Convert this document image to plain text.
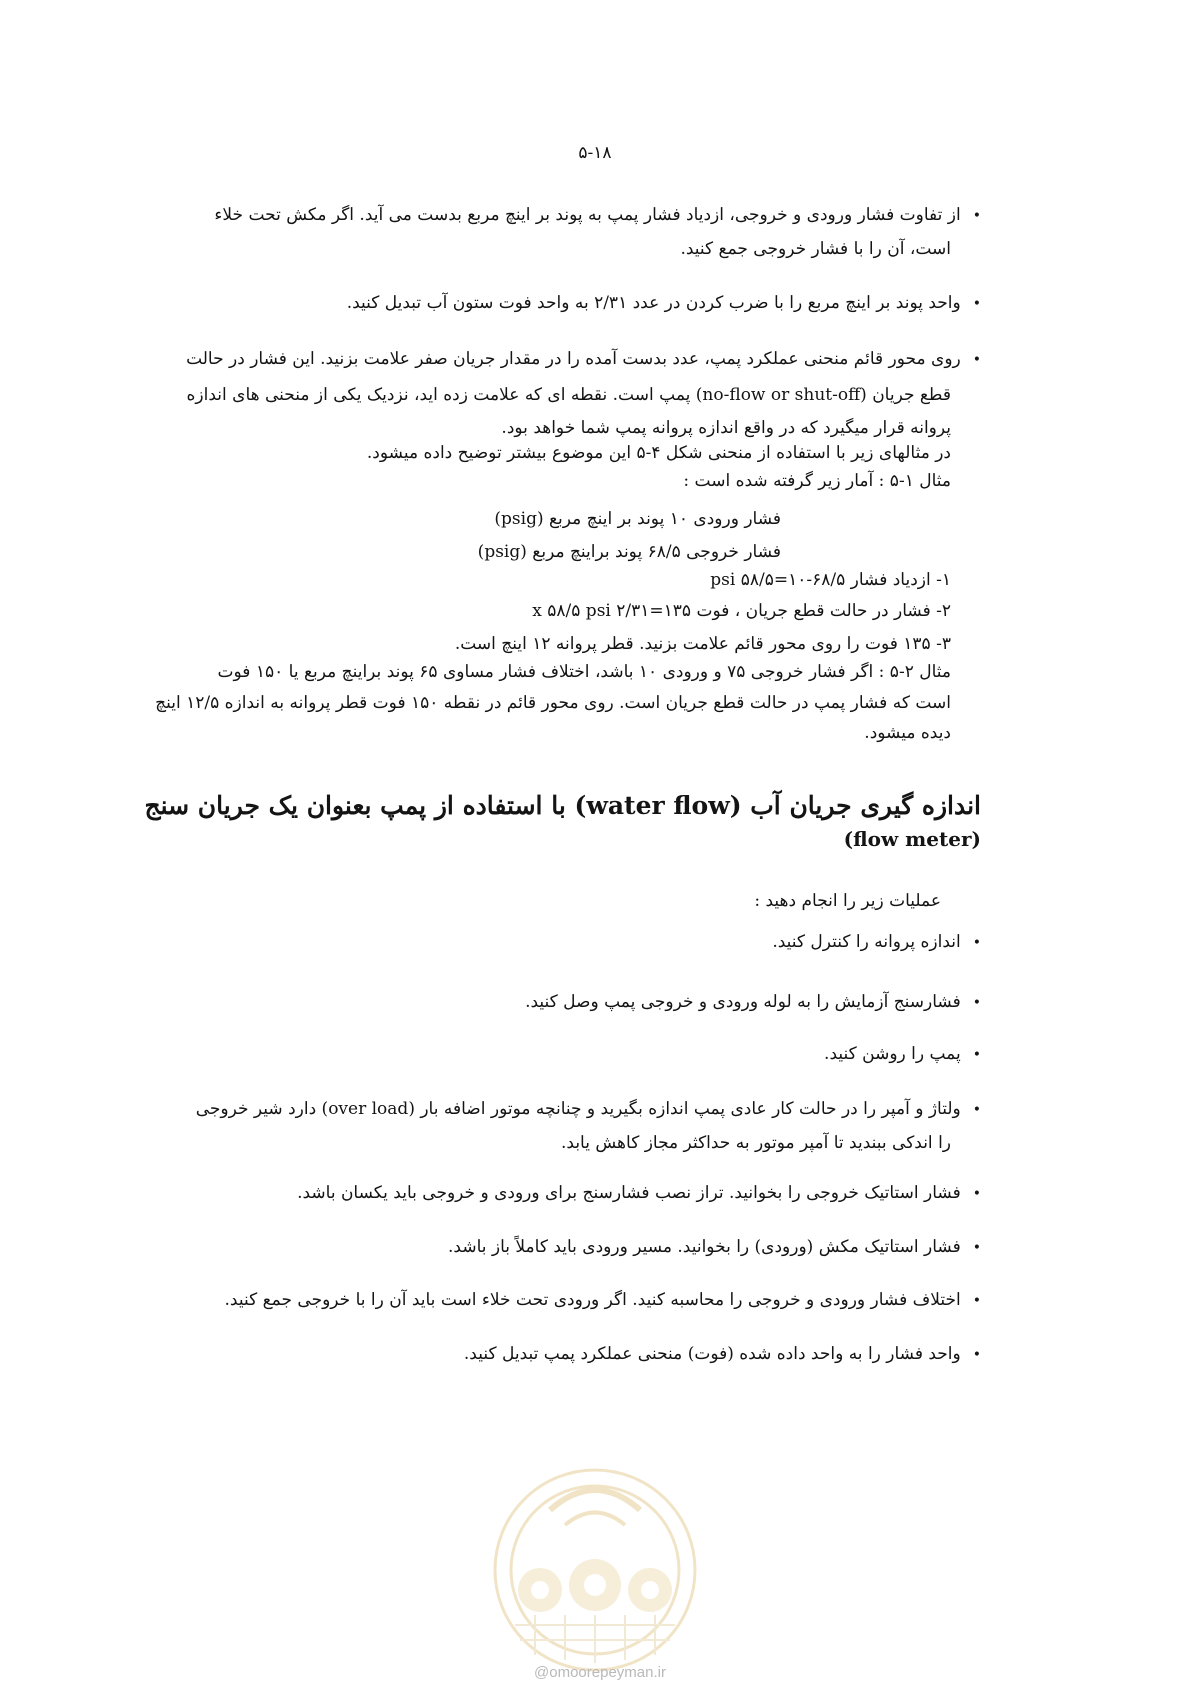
۵-۱۸
• از تفاوت فشار ورودی و خروجی، ازدیاد فشار پمپ به پوند بر اینچ مربع بدست می آید. اگر مکش تحت خلاء
است، آن را با فشار خروجی جمع کنید.
• واحد پوند بر اینچ مربع را با ضرب کردن در عدد ۲/۳۱ به واحد فوت ستون آب تبدیل کنید.
• روی محور قائم منحنی عملکرد پمپ، عدد بدست آمده را در مقدار جریان صفر علامت بزنید. این فشار در حالت
قطع جریان (no-flow or shut-off) پمپ است. نقطه ای که علامت زده اید، نزدیک یکی از منحنی های اندازه
پروانه قرار میگیرد که در واقع اندازه پروانه پمپ شما خواهد بود.
در مثالهای زیر با استفاده از منحنی شکل ۴-۵ این موضوع بیشتر توضیح داده میشود.
مثال ۱-۵ : آمار زیر گرفته شده است :
فشار ورودی ۱۰ پوند بر اینچ مربع (psig)
فشار خروجی ۶۸/۵ پوند براینچ مربع (psig)
۱- ازدیاد فشار ۶۸/۵-۱۰=۵۸/۵ psi
۲- فشار در حالت قطع جریان ، فوت ۱۳۵=۲/۳۱ x ۵۸/۵ psi
۳- ۱۳۵ فوت را روی محور قائم علامت بزنید. قطر پروانه ۱۲ اینچ است.
مثال ۲-۵ : اگر فشار خروجی ۷۵ و ورودی ۱۰ باشد، اختلاف فشار مساوی ۶۵ پوند براینچ مربع یا ۱۵۰ فوت
است که فشار پمپ در حالت قطع جریان است. روی محور قائم در نقطه ۱۵۰ فوت قطر پروانه به اندازه ۱۲/۵ اینچ
دیده میشود.
اندازه گیری جریان آب (water flow) با استفاده از پمپ بعنوان یک جریان سنج
(flow meter)
عملیات زیر را انجام دهید :
• اندازه پروانه را کنترل کنید.
• فشارسنج آزمایش را به لوله ورودی و خروجی پمپ وصل کنید.
• پمپ را روشن کنید.
• ولتاژ و آمپر را در حالت کار عادی پمپ اندازه بگیرید و چنانچه موتور اضافه بار (over load) دارد شیر خروجی
را اندکی ببندید تا آمپر موتور به حداکثر مجاز کاهش یابد.
• فشار استاتیک خروجی را بخوانید. تراز نصب فشارسنج برای ورودی و خروجی باید یکسان باشد.
• فشار استاتیک مکش (ورودی) را بخوانید. مسیر ورودی باید کاملاً باز باشد.
• اختلاف فشار ورودی و خروجی را محاسبه کنید. اگر ورودی تحت خلاء است باید آن را با خروجی جمع کنید.
• واحد فشار را به واحد داده شده (فوت) منحنی عملکرد پمپ تبدیل کنید.
@omoorepeyman.ir
